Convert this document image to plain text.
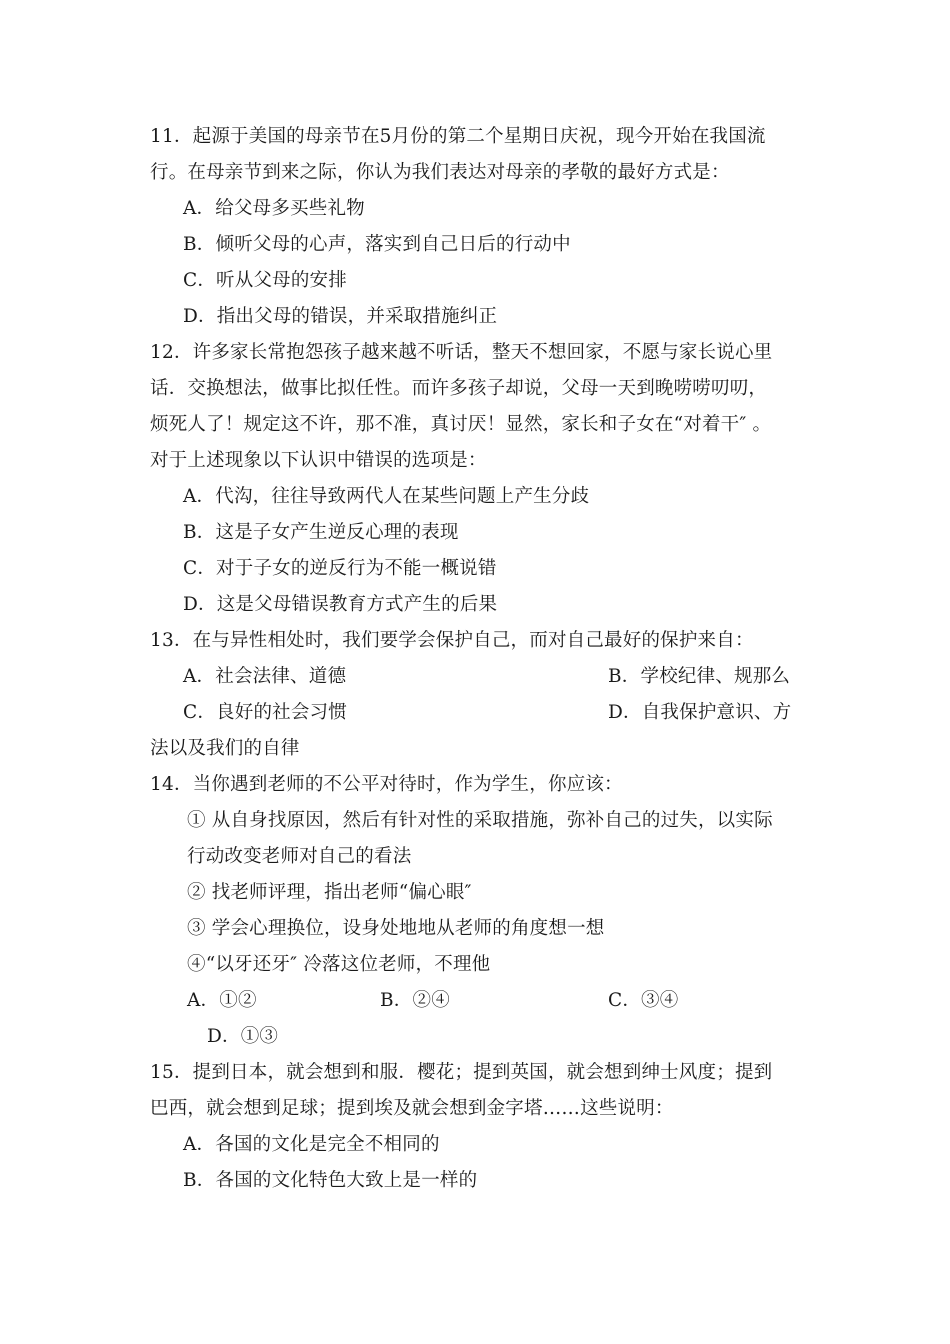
11．起源于美国的母亲节在5月份的第二个星期日庆祝，现今开始在我国流
行。在母亲节到来之际，你认为我们表达对母亲的孝敬的最好方式是：
A．给父母多买些礼物
B．倾听父母的心声，落实到自己日后的行动中
C．听从父母的安排
D．指出父母的错误，并采取措施纠正
12．许多家长常抱怨孩子越来越不听话，整天不想回家，不愿与家长说心里
话．交换想法，做事比拟任性。而许多孩子却说，父母一天到晚唠唠叨叨，
烦死人了！规定这不许，那不准，真讨厌！显然，家长和子女在“对着干″ 。
对于上述现象以下认识中错误的选项是：
A．代沟，往往导致两代人在某些问题上产生分歧
B．这是子女产生逆反心理的表现
C．对于子女的逆反行为不能一概说错
D．这是父母错误教育方式产生的后果
13．在与异性相处时，我们要学会保护自己，而对自己最好的保护来自：
A．社会法律、道德	B．学校纪律、规那么
C．良好的社会习惯	D．自我保护意识、方
法以及我们的自律
14．当你遇到老师的不公平对待时，作为学生，你应该：
① 从自身找原因，然后有针对性的采取措施，弥补自己的过失，以实际
行动改变老师对自己的看法
② 找老师评理，指出老师“偏心眼″
③ 学会心理换位，设身处地地从老师的角度想一想
④“以牙还牙″ 冷落这位老师，不理他
A．①②	B．②④	C．③④
D．①③
15．提到日本，就会想到和服．樱花；提到英国，就会想到绅士风度；提到
巴西，就会想到足球；提到埃及就会想到金字塔……这些说明：
A．各国的文化是完全不相同的
B．各国的文化特色大致上是一样的
